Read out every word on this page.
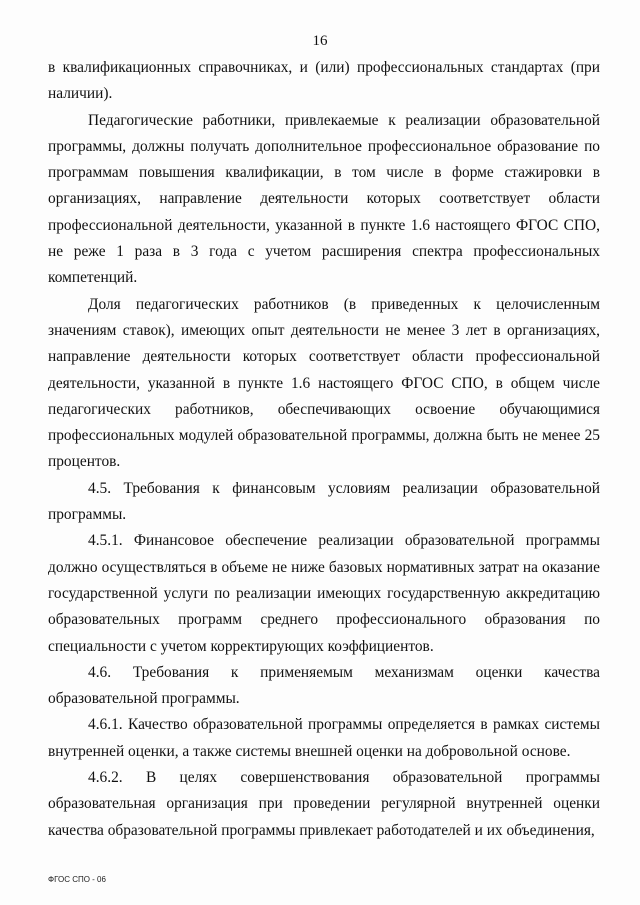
16

в квалификационных справочниках, и (или) профессиональных стандартах (при наличии).

Педагогические работники, привлекаемые к реализации образовательной программы, должны получать дополнительное профессиональное образование по программам повышения квалификации, в том числе в форме стажировки в организациях, направление деятельности которых соответствует области профессиональной деятельности, указанной в пункте 1.6 настоящего ФГОС СПО, не реже 1 раза в 3 года с учетом расширения спектра профессиональных компетенций.

Доля педагогических работников (в приведенных к целочисленным значениям ставок), имеющих опыт деятельности не менее 3 лет в организациях, направление деятельности которых соответствует области профессиональной деятельности, указанной в пункте 1.6 настоящего ФГОС СПО, в общем числе педагогических работников, обеспечивающих освоение обучающимися профессиональных модулей образовательной программы, должна быть не менее 25 процентов.

4.5. Требования к финансовым условиям реализации образовательной программы.

4.5.1. Финансовое обеспечение реализации образовательной программы должно осуществляться в объеме не ниже базовых нормативных затрат на оказание государственной услуги по реализации имеющих государственную аккредитацию образовательных программ среднего профессионального образования по специальности с учетом корректирующих коэффициентов.

4.6. Требования к применяемым механизмам оценки качества образовательной программы.

4.6.1. Качество образовательной программы определяется в рамках системы внутренней оценки, а также системы внешней оценки на добровольной основе.

4.6.2. В целях совершенствования образовательной программы образовательная организация при проведении регулярной внутренней оценки качества образовательной программы привлекает работодателей и их объединения,

ФГОС СПО - 06
